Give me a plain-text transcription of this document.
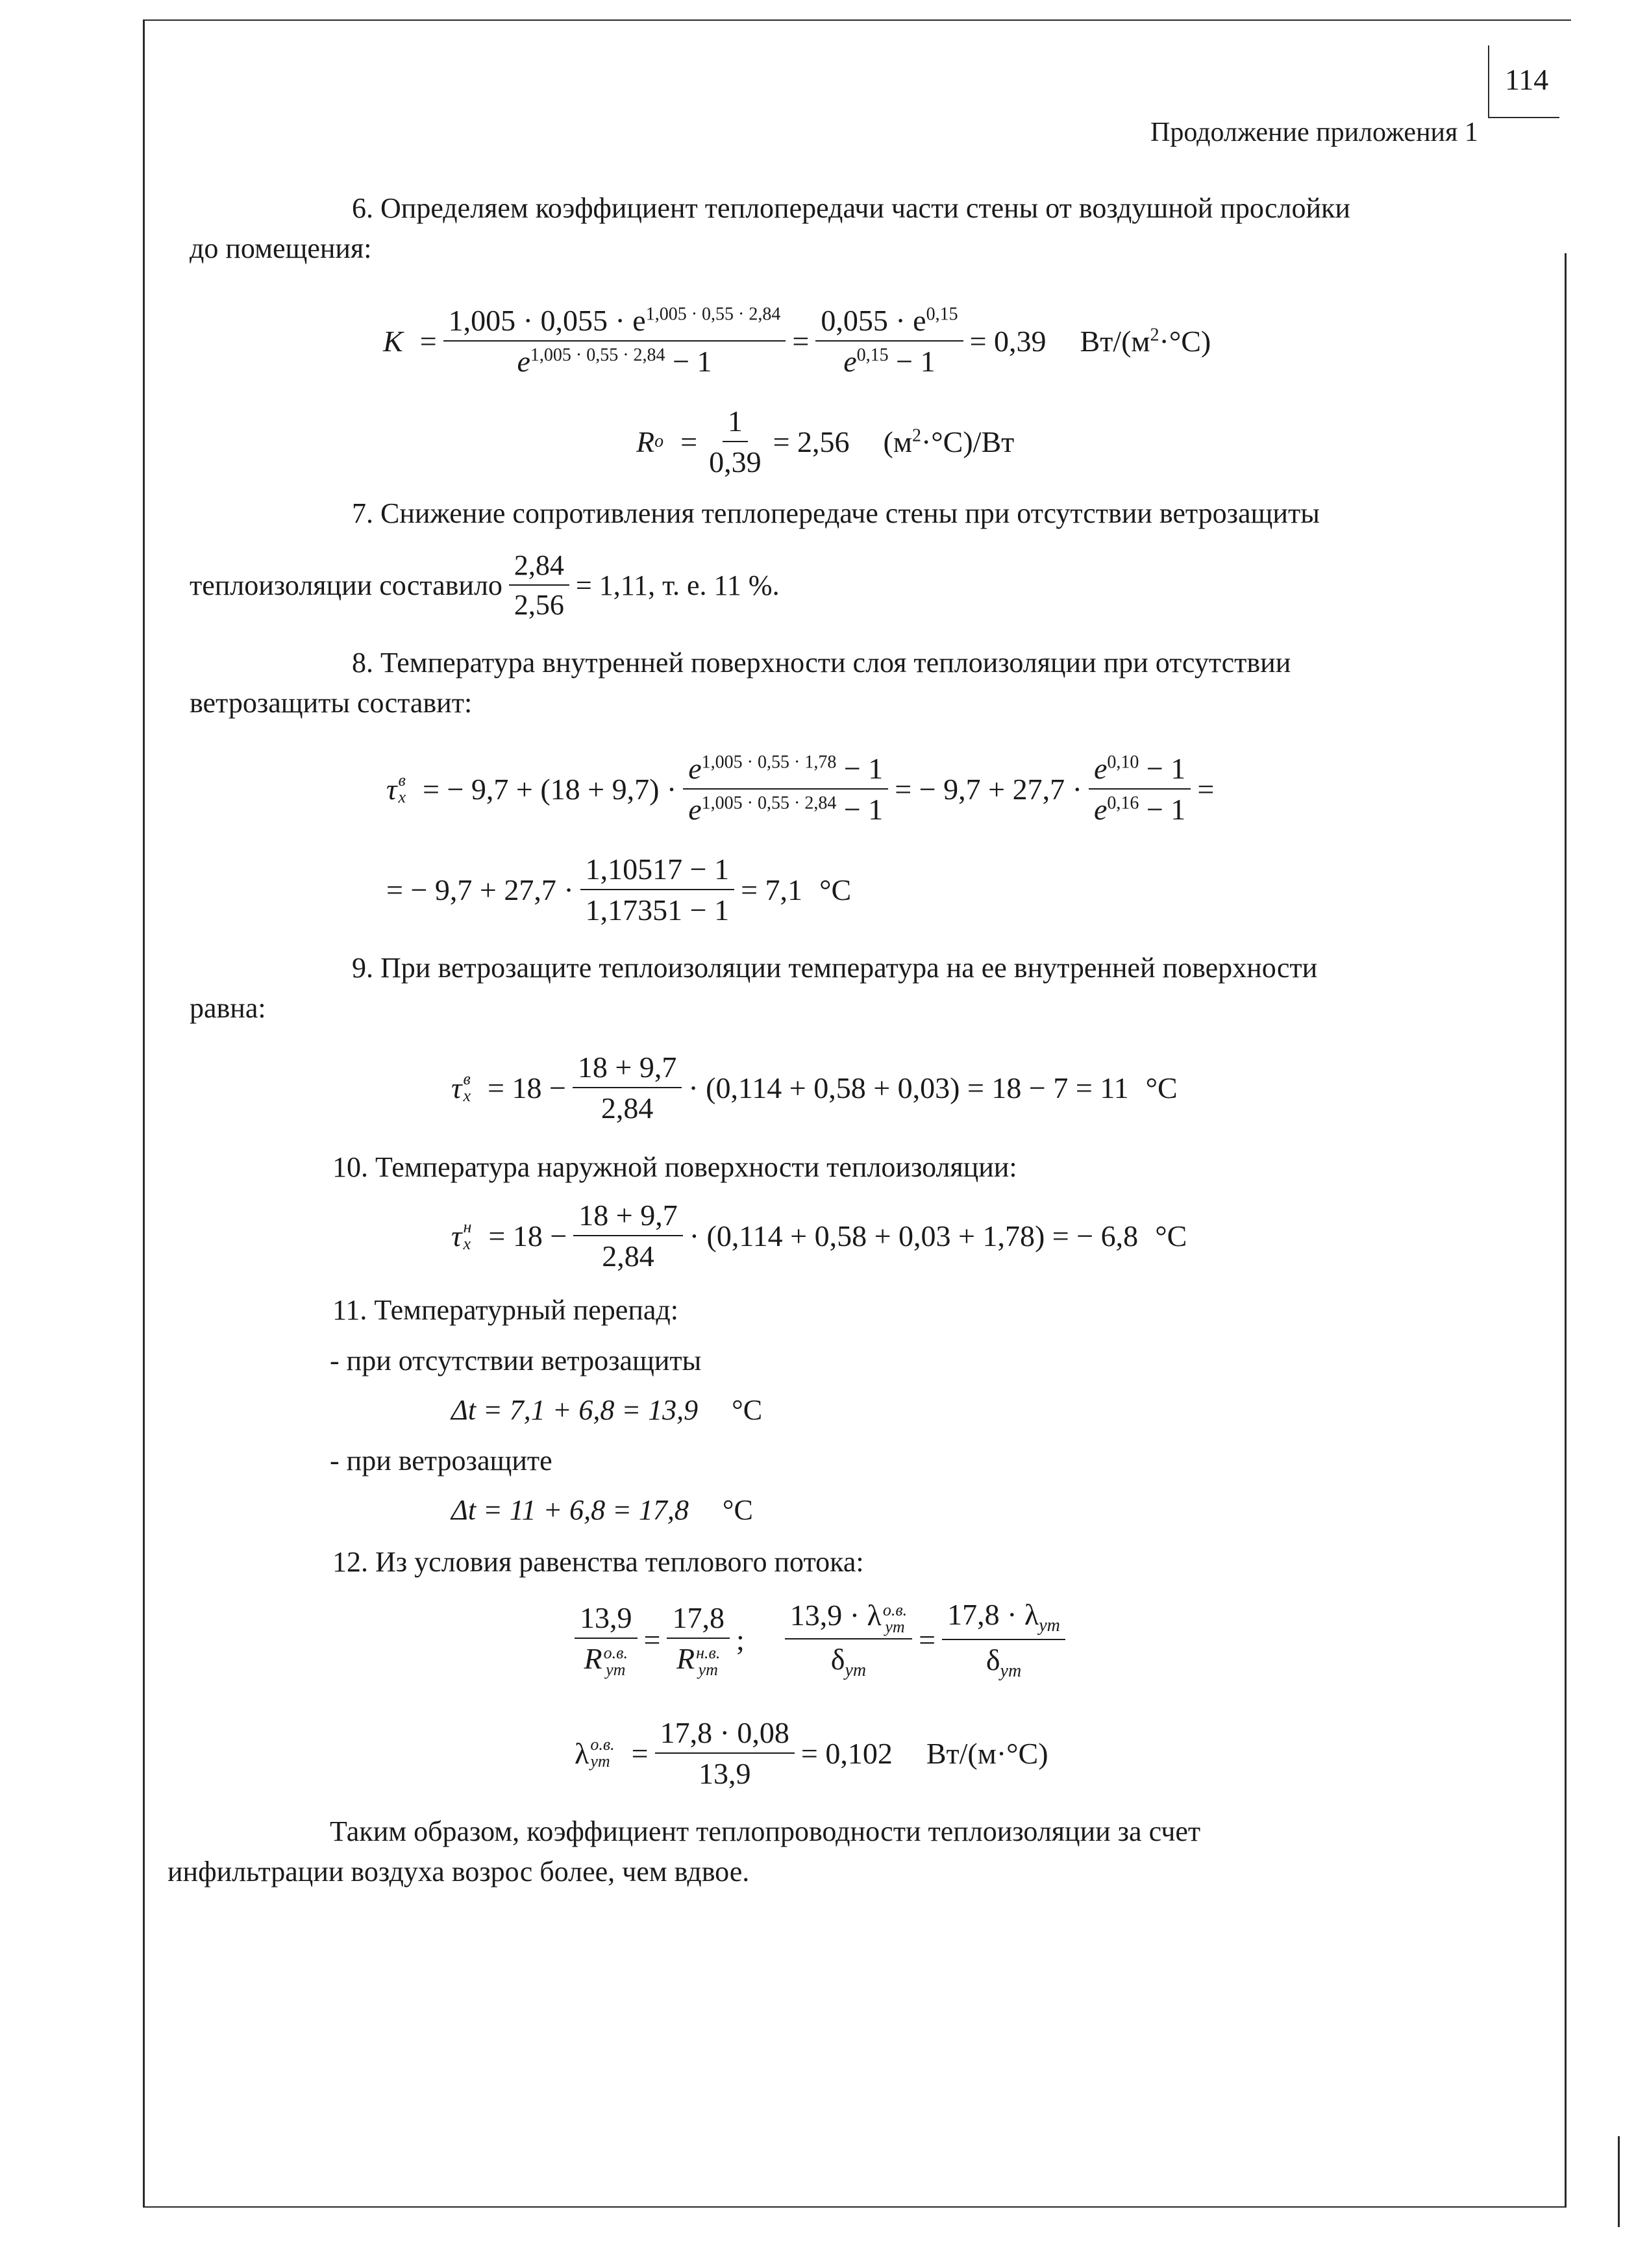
114
Продолжение приложения 1
6. Определяем коэффициент теплопередачи части стены от воздушной прослойки
до помещения:
$K = \frac{1,005 \cdot 0,055 \cdot e^{1,005 \cdot 0,55 \cdot 2,84}}{e^{1,005 \cdot 0,55 \cdot 2,84} - 1} = \frac{0,055 \cdot e^{0,15}}{e^{0,15} - 1} = 0,39$ $Вт/(м^2\cdot^\circ С)$
R $о = \frac{1}{0,39} = 2,56$ $(м^2\cdot^\circ С)/Вт$
7. Снижение сопротивления теплопередаче стены при отсутствии ветрозащиты
теплоизоляции составило $\frac{2,84}{2,56} = 1,11$, т. е. 11 %.
8. Температура внутренней поверхности слоя теплоизоляции при отсутствии
ветрозащиты составит:
τ в
x = − $9,7 + (18 + 9,7) \cdot \frac{e^{1,005 \cdot 0,55 \cdot 1,78} - 1}{e^{1,005 \cdot 0,55 \cdot 2,84} - 1}$ = − $9,7 + 27,7 \cdot \frac{e^{0,10} - 1}{e^{0,16} - 1}$ =
= − $9,7 + 27,7 \cdot \frac{1,10517 - 1}{1,17351 - 1} = 7,1$ °С
9. При ветрозащите теплоизоляции температура на ее внутренней поверхности
равна:
τ в
$x = 18 - \frac{18 + 9,7}{2,84} \cdot (0,114 + 0,58 + 0,03) = 18 - 7 = 11$ °С
10. Температура наружной поверхности теплоизоляции:
τ н
$x = 18 - \frac{18 + 9,7}{2,84} \cdot (0,114 + 0,58 + 0,03 + 1,78)$ = − 6,8 °С
11. Температурный перепад:
- при отсутствии ветрозащиты
Δt = 7,1 + 6,8 = 13,9 °С
- при ветрозащите
Δt = 11 + 6,8 = 17,8 °С
12. Из условия равенства теплового потока:
13,9
R о.в.
ут = 17,8
R н.в.
ут ; 13,9 · λ о.в.
ут
$\delta_{ут} = \frac{17,8 \cdot \lambda_{ут}}{\delta_{ут}}$
λ о.в.
ут = $\frac{17,8 \cdot 0,08}{13,9} = 0,102$ Вт/(м·°С)
Таким образом, коэффициент теплопроводности теплоизоляции за счет
инфильтрации воздуха возрос более, чем вдвое.
